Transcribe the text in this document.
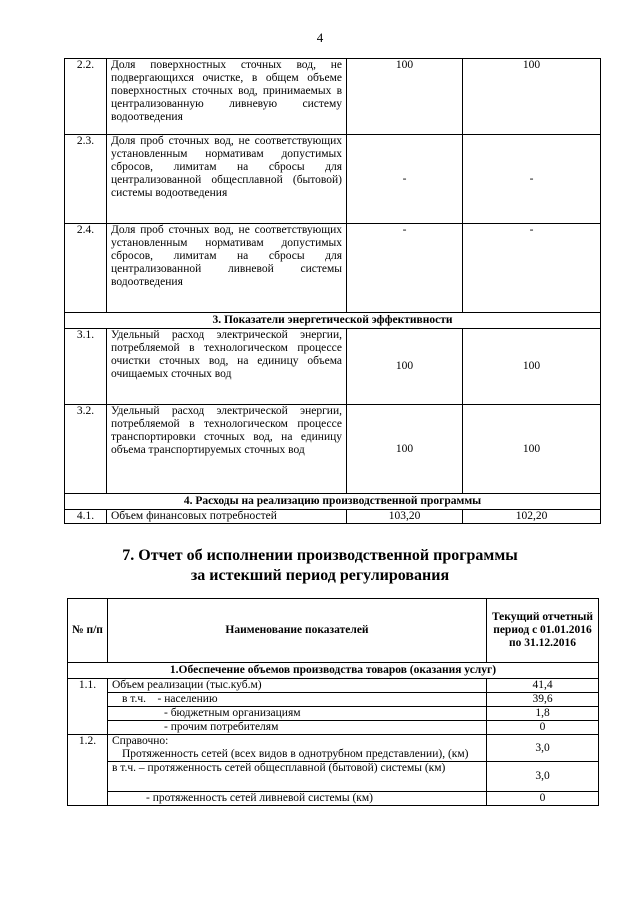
4
2.2.	Доля поверхностных сточных вод, не подвергающихся очистке, в общем объеме поверхностных сточных вод, принимаемых в централизованную ливневую систему водоотведения	100	100
2.3.	Доля проб сточных вод, не соответствующих установленным нормативам допустимых сбросов, лимитам на сбросы для централизованной общесплавной (бытовой) системы водоотведения	-	-
2.4.	Доля проб сточных вод, не соответствующих установленным нормативам допустимых сбросов, лимитам на сбросы для централизованной ливневой системы водоотведения	-	-
3. Показатели энергетической эффективности			
3.1.	Удельный расход электрической энергии, потребляемой в технологическом процессе очистки сточных вод, на единицу объема очищаемых сточных вод	100	100
3.2.	Удельный расход электрической энергии, потребляемой в технологическом процессе транспортировки сточных вод, на единицу объема транспортируемых сточных вод	100	100
4. Расходы на реализацию производственной программы			
4.1.	Объем финансовых потребностей	103,20	102,20
7. Отчет об исполнении производственной программы
за истекший период регулирования
№ п/п	Наименование показателей	Текущий отчетный период с 01.01.2016 по 31.12.2016
1.Обеспечение объемов производства товаров (оказания услуг)		
1.1.	Объем реализации (тыс.куб.м)	41,4
	в т.ч.    - населению	39,6
	- бюджетным организациям	1,8
	- прочим потребителям	0
1.2.	Справочно:
Протяженность сетей (всех видов в однотрубном представлении), (км)	3,0
	в т.ч. – протяженность сетей общесплавной (бытовой) системы (км)	3,0
	- протяженность сетей ливневой системы (км)	0
